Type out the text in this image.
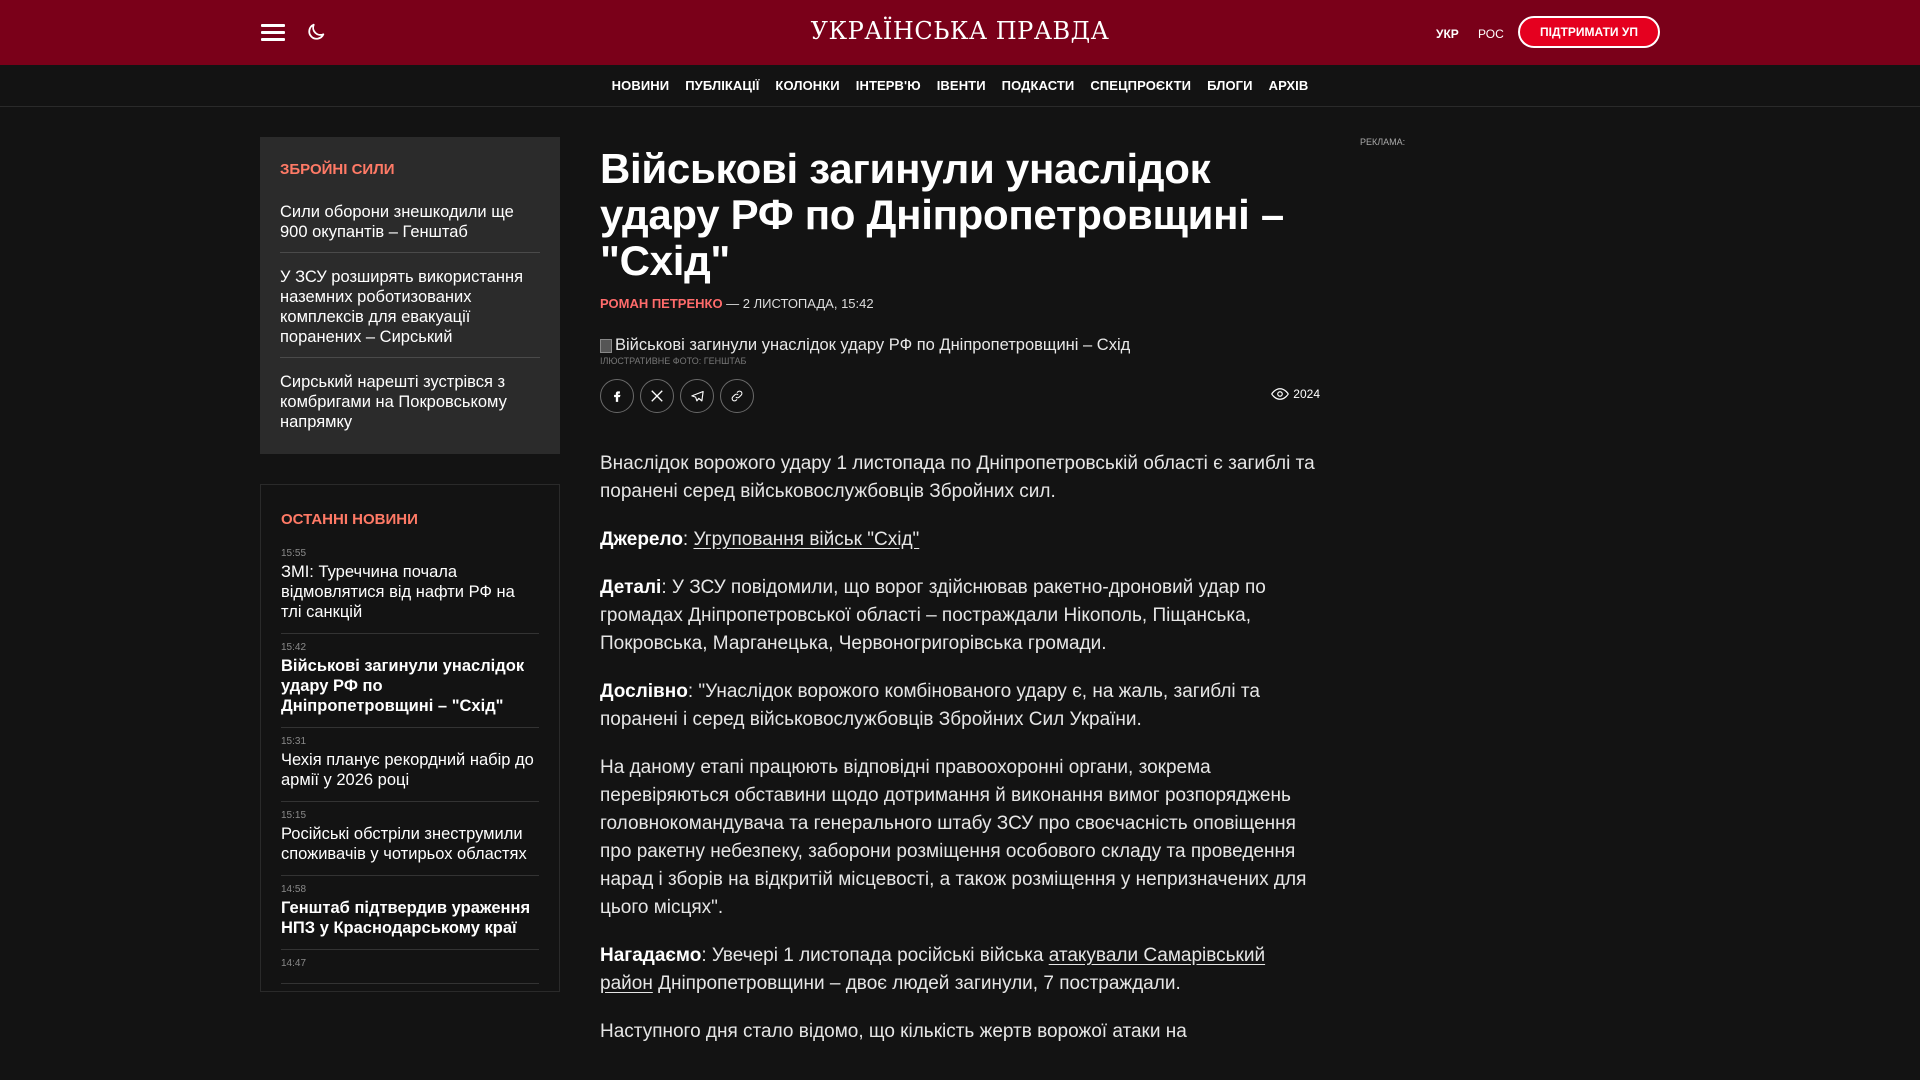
УКРАЇНСЬКА ПРАВДА	УКР РОС	ПІДТРИМАТИ УП
НОВИНИ ПУБЛІКАЦІЇ КОЛОНКИ ІНТЕРВ'Ю ІВЕНТИ ПОДКАСТИ СПЕЦПРОЄКТИ БЛОГИ АРХІВ
ЗБРОЙНІ СИЛИ
Сили оборони знешкодили ще 900 окупантів – Генштаб
У ЗСУ розширять використання наземних роботизованих комплексів для евакуації поранених – Сирський
Сирський нарешті зустрівся з комбригами на Покровському напрямку
ОСТАННІ НОВИНИ
15:55
ЗМІ: Туреччина почала відмовлятися від нафти РФ на тлі санкцій
15:42
Військові загинули унаслідок удару РФ по Дніпропетровщині – "Схід"
15:31
Чехія планує рекордний набір до армії у 2026 році
15:15
Російські обстріли знеструмили споживачів у чотирьох областях
14:58
Генштаб підтвердив ураження НПЗ у Краснодарському краї
14:47
Військові загинули унаслідок удару РФ по Дніпропетровщині – "Схід"
РОМАН ПЕТРЕНКО — 2 ЛИСТОПАДА, 15:42
Військові загинули унаслідок удару РФ по Дніпропетровщині – Схід
ІЛЮСТРАТИВНЕ ФОТО: ГЕНШТАБ
2024

Внаслідок ворожого удару 1 листопада по Дніпропетровській області є загиблі та поранені серед військовослужбовців Збройних сил.

Джерело: Угруповання військ "Схід"

Деталі: У ЗСУ повідомили, що ворог здійснював ракетно-дроновий удар по громадах Дніпропетровської області – постраждали Нікополь, Піщанська, Покровська, Марганецька, Червоногригорівська громади.

Дослівно: "Унаслідок ворожого комбінованого удару є, на жаль, загиблі та поранені і серед військовослужбовців Збройних Сил України.

На даному етапі працюють відповідні правоохоронні органи, зокрема перевіряються обставини щодо дотримання й виконання вимог розпоряджень головнокомандувача та генерального штабу ЗСУ про своєчасність оповіщення про ракетну небезпеку, заборони розміщення особового складу та проведення нарад і зборів на відкритій місцевості, а також розміщення у непризначених для цього місцях".

Нагадаємо: Увечері 1 листопада російські війська атакували Самарівський район Дніпропетровщини – двоє людей загинули, 7 постраждали.

Наступного дня стало відомо, що кількість жертв ворожої атаки на

РЕКЛАМА:
